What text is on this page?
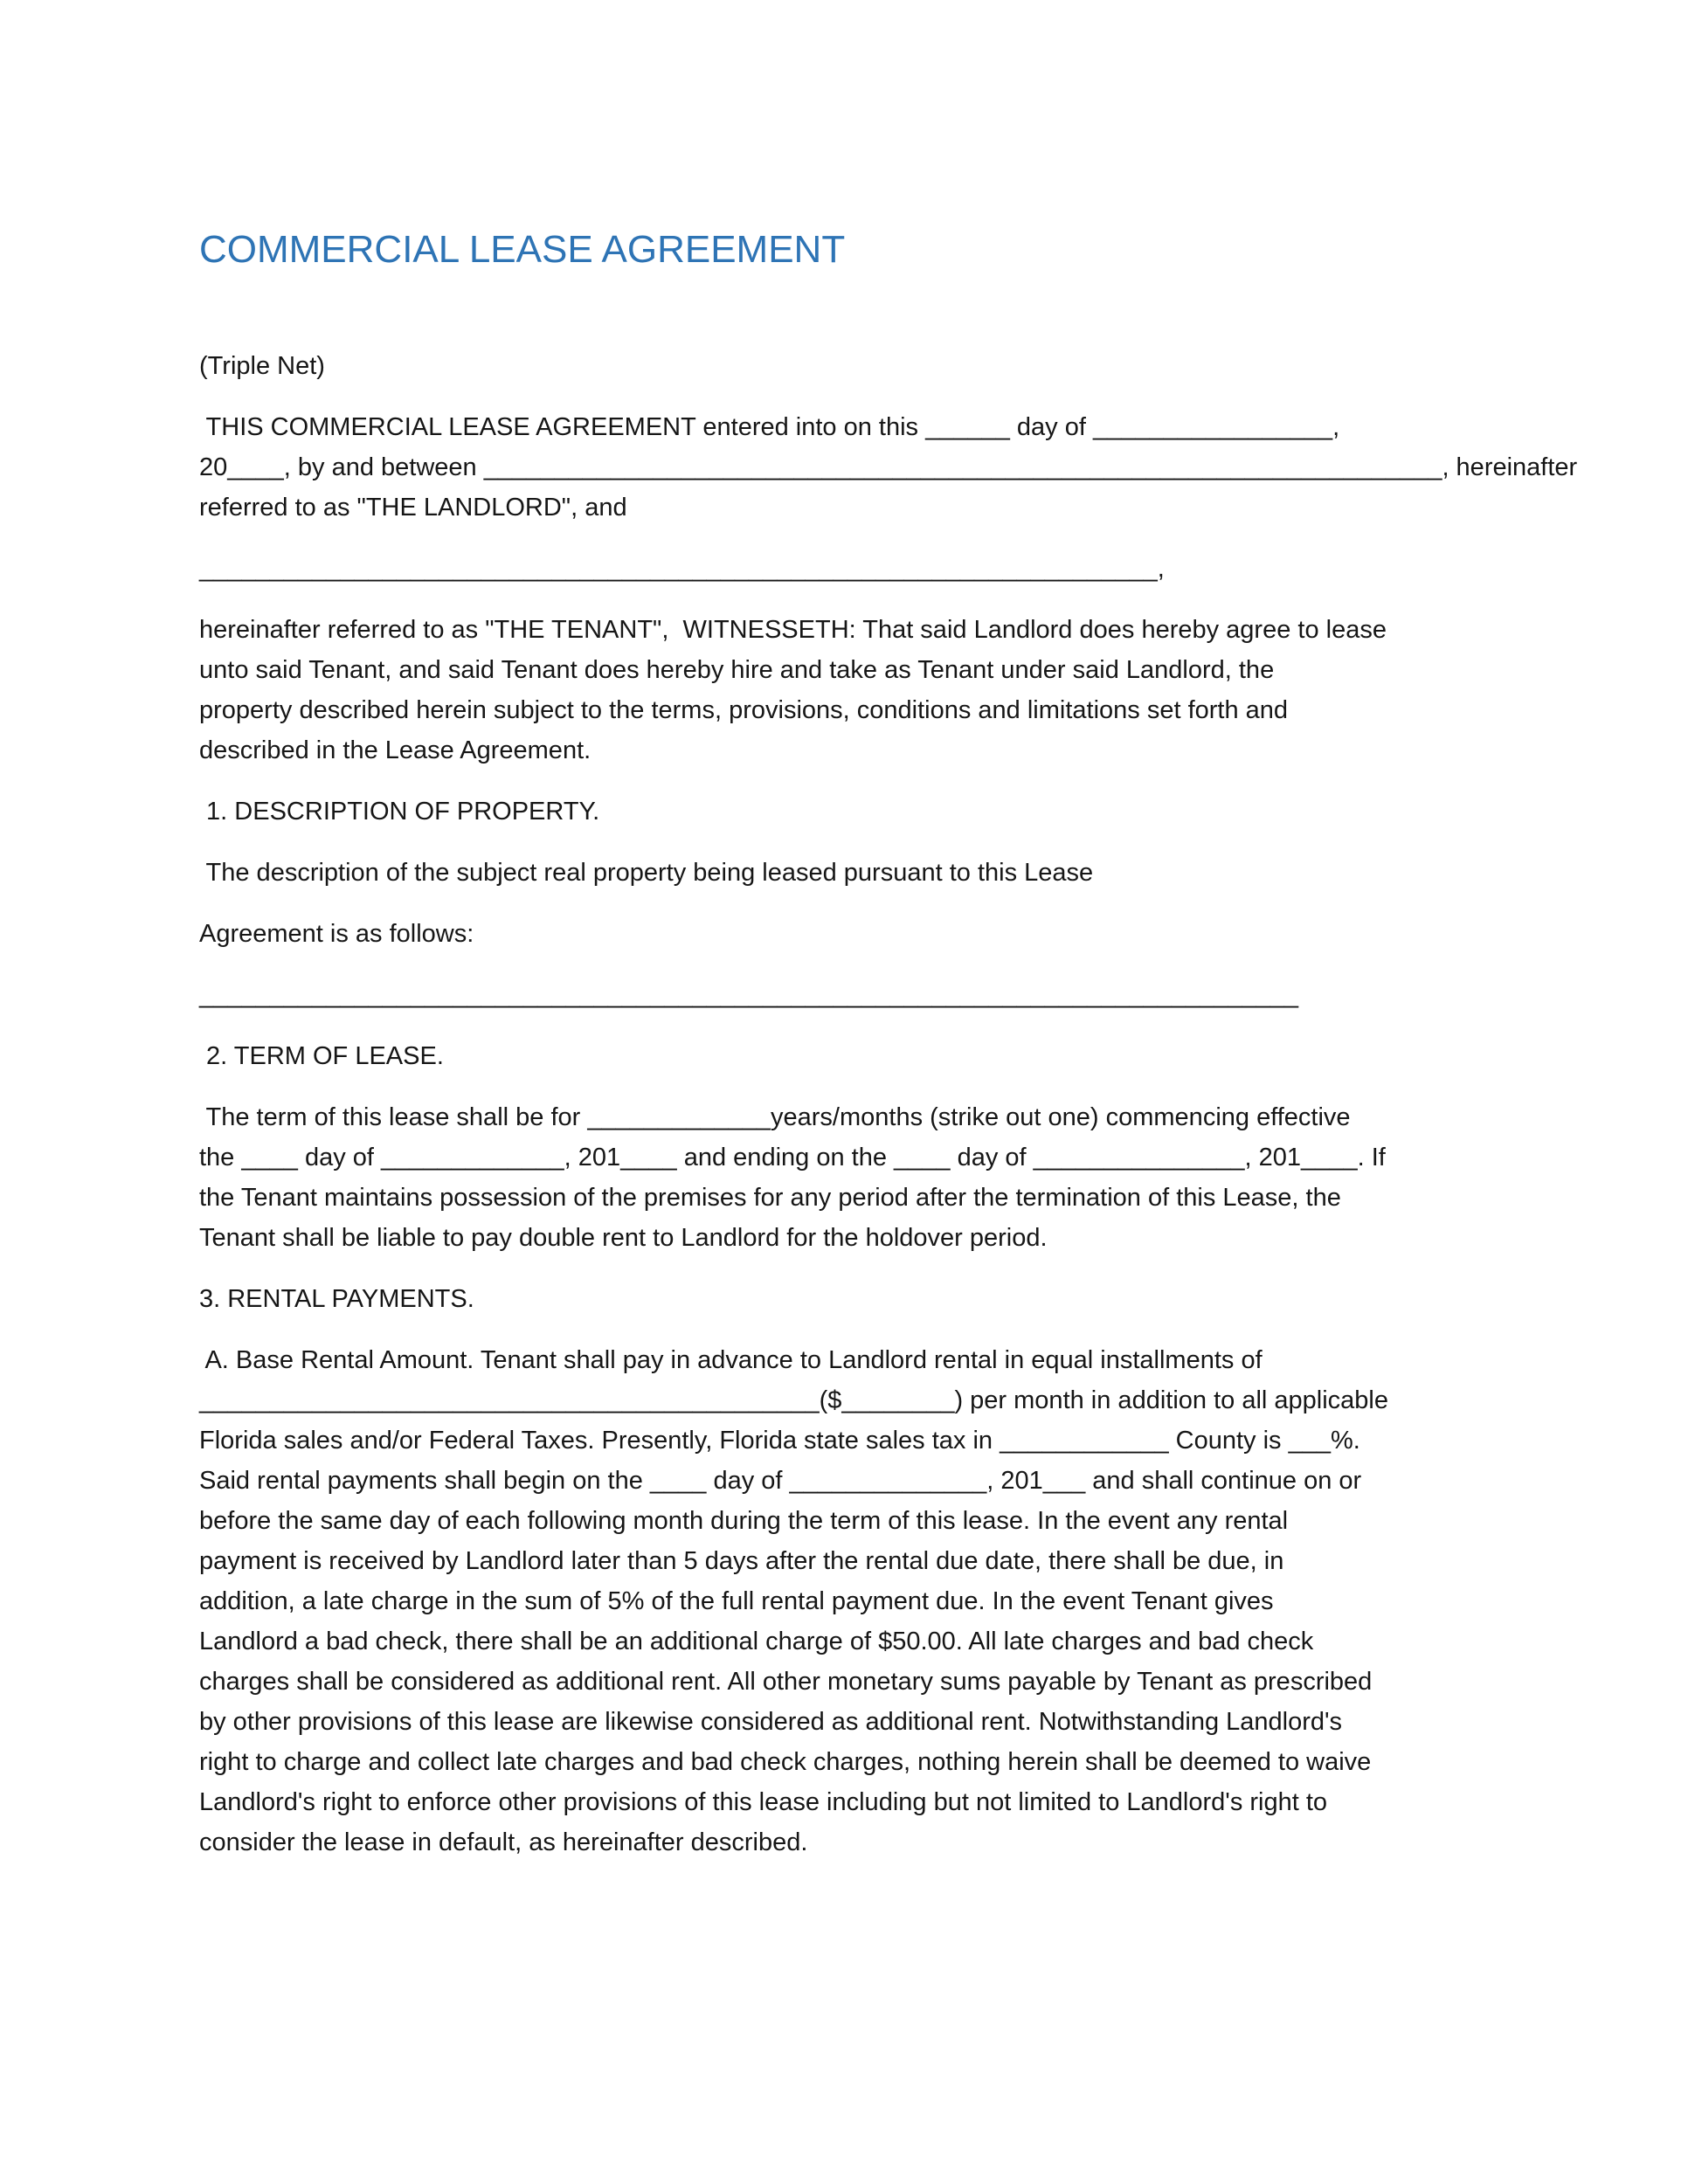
COMMERCIAL LEASE AGREEMENT
(Triple Net)
THIS COMMERCIAL LEASE AGREEMENT entered into on this ______ day of _________________,
20____, by and between ____________________________________________________________________, hereinafter
referred to as "THE LANDLORD", and
____________________________________________________________________,
hereinafter referred to as "THE TENANT",  WITNESSETH: That said Landlord does hereby agree to lease
unto said Tenant, and said Tenant does hereby hire and take as Tenant under said Landlord, the
property described herein subject to the terms, provisions, conditions and limitations set forth and
described in the Lease Agreement.
1. DESCRIPTION OF PROPERTY.
The description of the subject real property being leased pursuant to this Lease
Agreement is as follows:
______________________________________________________________________________
2. TERM OF LEASE.
The term of this lease shall be for _____________years/months (strike out one) commencing effective
the ____ day of _____________, 201____ and ending on the ____ day of _______________, 201____. If
the Tenant maintains possession of the premises for any period after the termination of this Lease, the
Tenant shall be liable to pay double rent to Landlord for the holdover period.
3. RENTAL PAYMENTS.
A. Base Rental Amount. Tenant shall pay in advance to Landlord rental in equal installments of
____________________________________________($________) per month in addition to all applicable
Florida sales and/or Federal Taxes. Presently, Florida state sales tax in ____________ County is ___%.
Said rental payments shall begin on the ____ day of ______________, 201___ and shall continue on or
before the same day of each following month during the term of this lease. In the event any rental
payment is received by Landlord later than 5 days after the rental due date, there shall be due, in
addition, a late charge in the sum of 5% of the full rental payment due. In the event Tenant gives
Landlord a bad check, there shall be an additional charge of $50.00. All late charges and bad check
charges shall be considered as additional rent. All other monetary sums payable by Tenant as prescribed
by other provisions of this lease are likewise considered as additional rent. Notwithstanding Landlord's
right to charge and collect late charges and bad check charges, nothing herein shall be deemed to waive
Landlord's right to enforce other provisions of this lease including but not limited to Landlord's right to
consider the lease in default, as hereinafter described.
